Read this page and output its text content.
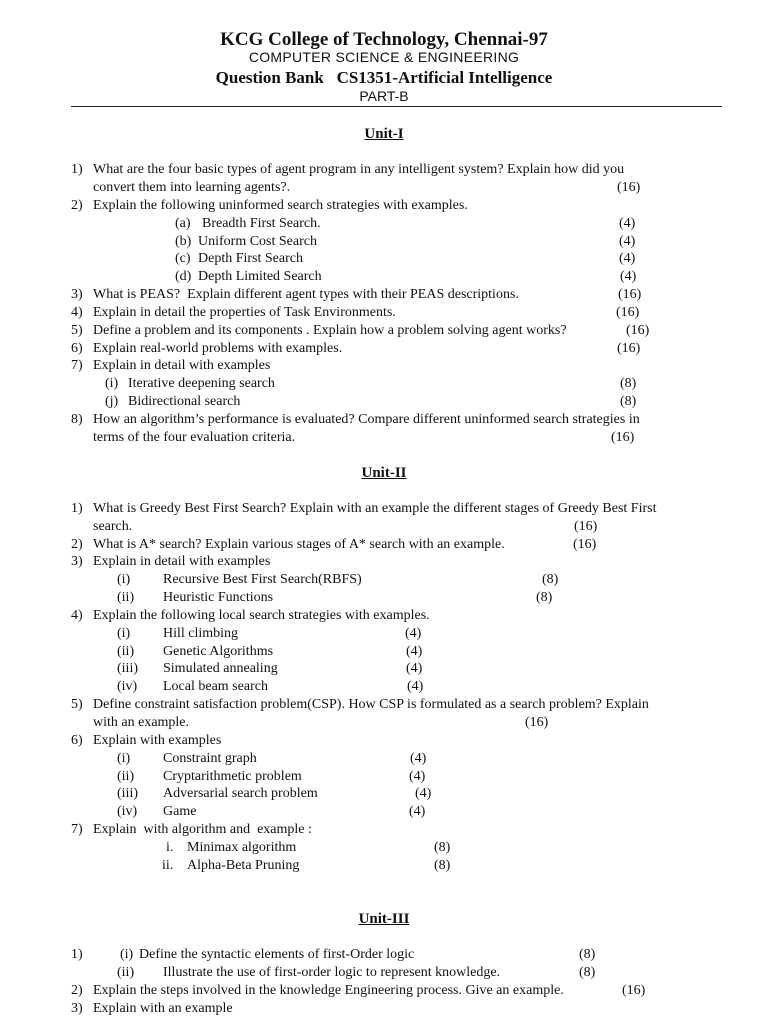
KCG College of Technology, Chennai-97
COMPUTER SCIENCE & ENGINEERING
Question Bank   CS1351-Artificial Intelligence
PART-B
Unit-I
1) What are the four basic types of agent program in any intelligent system? Explain how did you
convert them into learning agents?.	(16)
2) Explain the following uninformed search strategies with examples.
(a) Breadth First Search.	(4)
(b) Uniform Cost Search	(4)
(c) Depth First Search	(4)
(d) Depth Limited Search	(4)
3) What is PEAS?  Explain different agent types with their PEAS descriptions.	(16)
4) Explain in detail the properties of Task Environments.	(16)
5) Define a problem and its components . Explain how a problem solving agent works?	(16)
6) Explain real-world problems with examples.	(16)
7) Explain in detail with examples
(i) Iterative deepening search	(8)
(j) Bidirectional search	(8)
8) How an algorithm’s performance is evaluated? Compare different uninformed search strategies in
terms of the four evaluation criteria.	(16)
Unit-II
1) What is Greedy Best First Search? Explain with an example the different stages of Greedy Best First
search.	(16)
2) What is A* search? Explain various stages of A* search with an example.	(16)
3) Explain in detail with examples
(i) Recursive Best First Search(RBFS)	(8)
(ii) Heuristic Functions	(8)
4) Explain the following local search strategies with examples.
(i) Hill climbing	(4)
(ii) Genetic Algorithms	(4)
(iii) Simulated annealing	(4)
(iv) Local beam search	(4)
5) Define constraint satisfaction problem(CSP). How CSP is formulated as a search problem? Explain
with an example.	(16)
6) Explain with examples
(i) Constraint graph	(4)
(ii) Cryptarithmetic problem	(4)
(iii) Adversarial search problem	(4)
(iv) Game	(4)
7) Explain  with algorithm and  example :
i. Minimax algorithm	(8)
ii. Alpha-Beta Pruning	(8)
Unit-III
1)	(i) Define the syntactic elements of first-Order logic	(8)
(ii) Illustrate the use of first-order logic to represent knowledge.	(8)
2) Explain the steps involved in the knowledge Engineering process. Give an example.	(16)
3) Explain with an example
